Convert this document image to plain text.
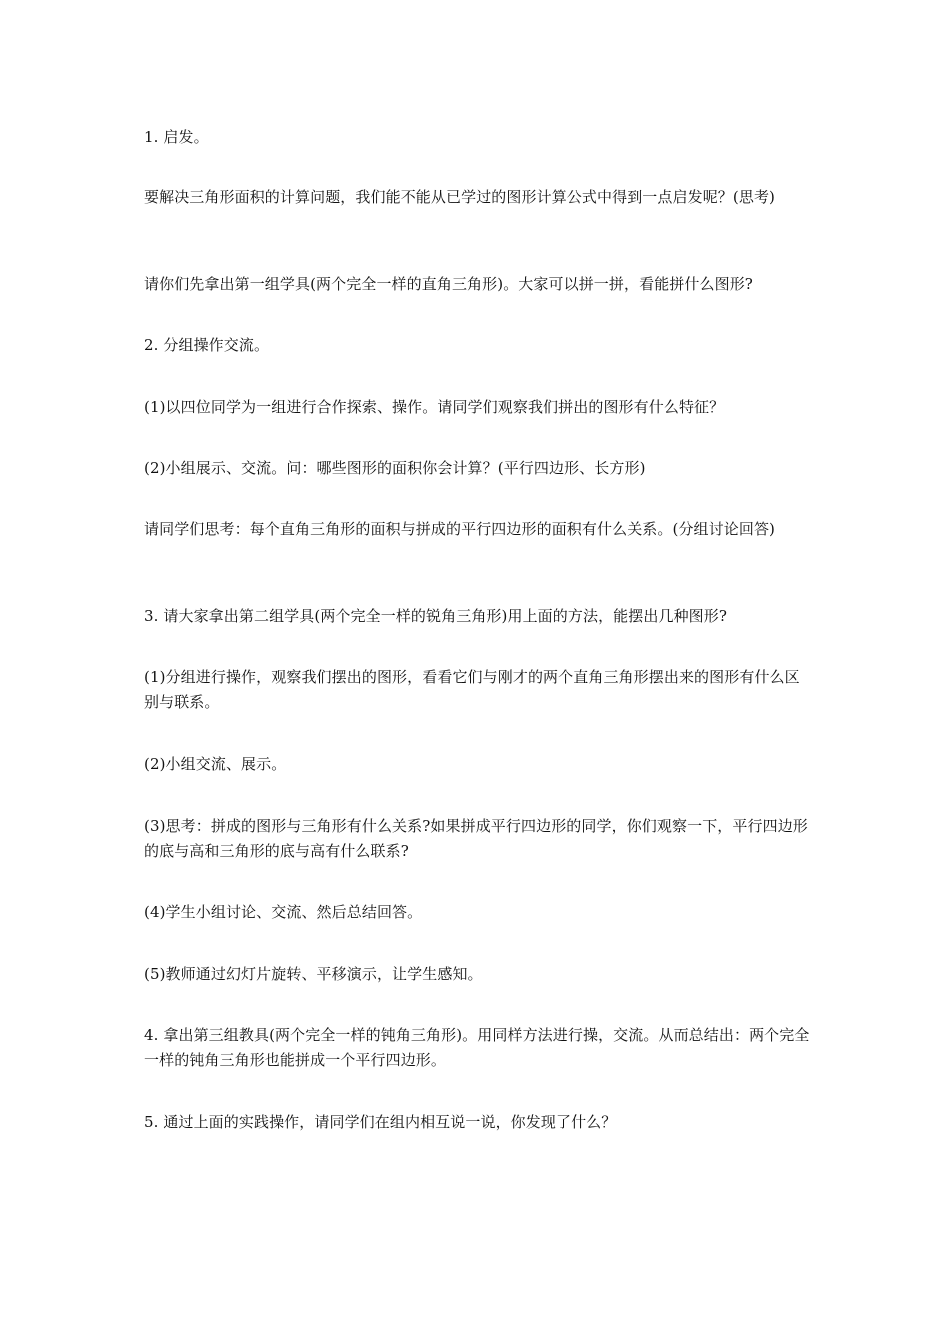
1. 启发。

要解决三角形面积的计算问题，我们能不能从已学过的图形计算公式中得到一点启发呢？(思考)

请你们先拿出第一组学具(两个完全一样的直角三角形)。大家可以拼一拼，看能拼什么图形?

2. 分组操作交流。

(1)以四位同学为一组进行合作探索、操作。请同学们观察我们拼出的图形有什么特征？

(2)小组展示、交流。问：哪些图形的面积你会计算？(平行四边形、长方形)

请同学们思考：每个直角三角形的面积与拼成的平行四边形的面积有什么关系。(分组讨论回答)

3. 请大家拿出第二组学具(两个完全一样的锐角三角形)用上面的方法，能摆出几种图形?

(1)分组进行操作，观察我们摆出的图形，看看它们与刚才的两个直角三角形摆出来的图形有什么区别与联系。

(2)小组交流、展示。

(3)思考：拼成的图形与三角形有什么关系?如果拼成平行四边形的同学，你们观察一下，平行四边形的底与高和三角形的底与高有什么联系?

(4)学生小组讨论、交流、然后总结回答。

(5)教师通过幻灯片旋转、平移演示，让学生感知。

4. 拿出第三组教具(两个完全一样的钝角三角形)。用同样方法进行操，交流。从而总结出：两个完全一样的钝角三角形也能拼成一个平行四边形。

5. 通过上面的实践操作，请同学们在组内相互说一说，你发现了什么？
